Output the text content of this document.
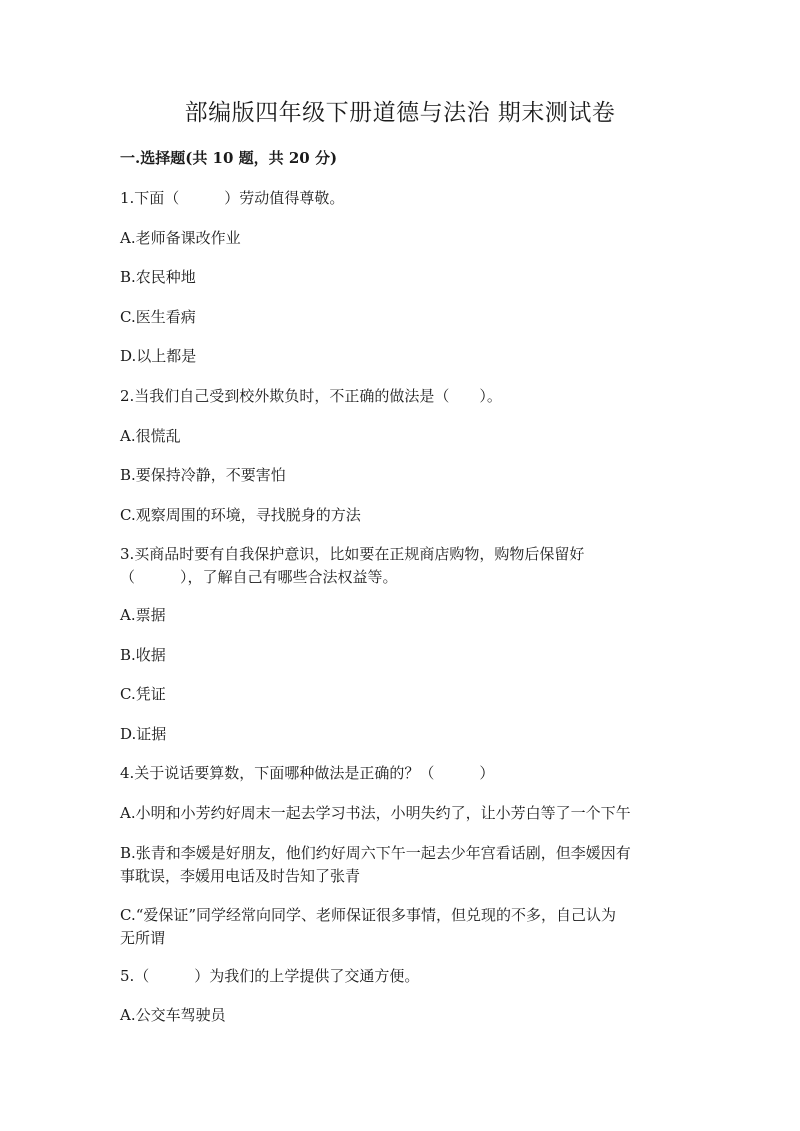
部编版四年级下册道德与法治 期末测试卷
一.选择题(共 10 题，共 20 分)
1.下面（　　　）劳动值得尊敬。
A.老师备课改作业
B.农民种地
C.医生看病
D.以上都是
2.当我们自己受到校外欺负时，不正确的做法是（　　）。
A.很慌乱
B.要保持冷静，不要害怕
C.观察周围的环境，寻找脱身的方法
3.买商品时要有自我保护意识，比如要在正规商店购物，购物后保留好
（　　　），了解自己有哪些合法权益等。
A.票据
B.收据
C.凭证
D.证据
4.关于说话要算数，下面哪种做法是正确的？（　　　）
A.小明和小芳约好周末一起去学习书法，小明失约了，让小芳白等了一个下午
B.张青和李媛是好朋友，他们约好周六下午一起去少年宫看话剧，但李媛因有
事耽误，李媛用电话及时告知了张青
C.“爱保证”同学经常向同学、老师保证很多事情，但兑现的不多，自己认为
无所谓
5.（　　　）为我们的上学提供了交通方便。
A.公交车驾驶员
